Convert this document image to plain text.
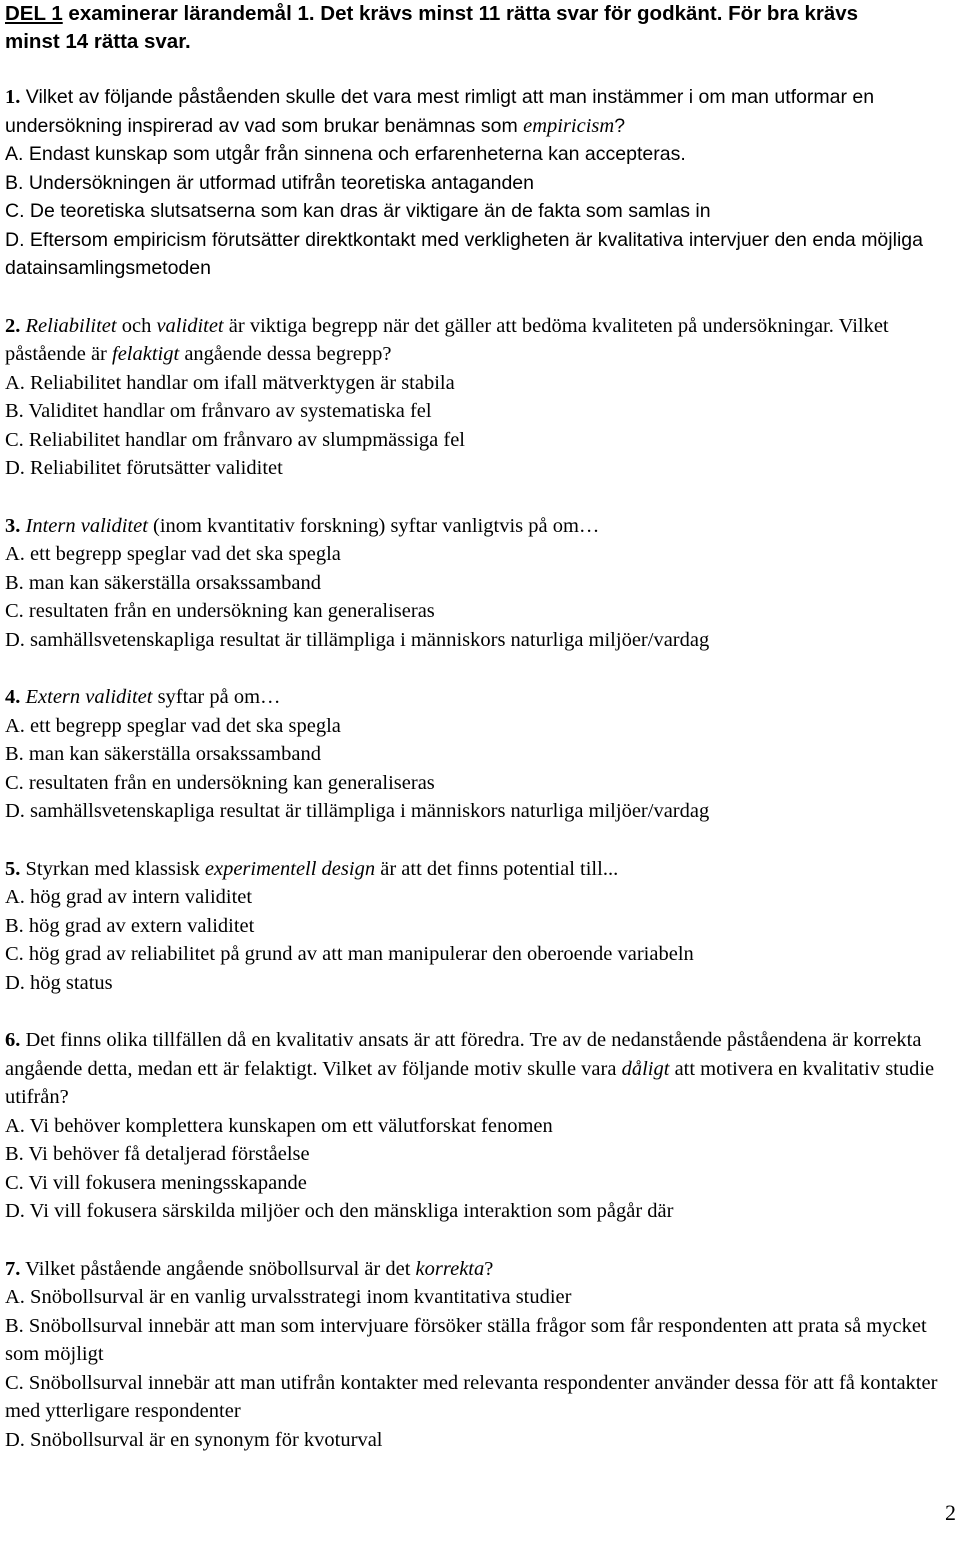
DEL 1 examinerar lärandemål 1. Det krävs minst 11 rätta svar för godkänt. För bra krävs
minst 14 rätta svar.

1. Vilket av följande påståenden skulle det vara mest rimligt att man instämmer i om man utformar en undersökning inspirerad av vad som brukar benämnas som empiricism?

A. Endast kunskap som utgår från sinnena och erfarenheterna kan accepteras.

B. Undersökningen är utformad utifrån teoretiska antaganden

C. De teoretiska slutsatserna som kan dras är viktigare än de fakta som samlas in

D. Eftersom empiricism förutsätter direktkontakt med verkligheten är kvalitativa intervjuer den enda möjliga datainsamlingsmetoden

2. Reliabilitet och validitet är viktiga begrepp när det gäller att bedöma kvaliteten på undersökningar. Vilket påstående är felaktigt angående dessa begrepp?

A. Reliabilitet handlar om ifall mätverktygen är stabila

B. Validitet handlar om frånvaro av systematiska fel

C. Reliabilitet handlar om frånvaro av slumpmässiga fel

D. Reliabilitet förutsätter validitet

3. Intern validitet (inom kvantitativ forskning) syftar vanligtvis på om…

A. ett begrepp speglar vad det ska spegla

B. man kan säkerställa orsakssamband

C. resultaten från en undersökning kan generaliseras

D. samhällsvetenskapliga resultat är tillämpliga i människors naturliga miljöer/vardag

4. Extern validitet syftar på om…

A. ett begrepp speglar vad det ska spegla

B. man kan säkerställa orsakssamband

C. resultaten från en undersökning kan generaliseras

D. samhällsvetenskapliga resultat är tillämpliga i människors naturliga miljöer/vardag

5. Styrkan med klassisk experimentell design är att det finns potential till...

A. hög grad av intern validitet

B. hög grad av extern validitet

C. hög grad av reliabilitet på grund av att man manipulerar den oberoende variabeln

D. hög status

6. Det finns olika tillfällen då en kvalitativ ansats är att föredra. Tre av de nedanstående påståendena är korrekta angående detta, medan ett är felaktigt. Vilket av följande motiv skulle vara dåligt att motivera en kvalitativ studie utifrån?

A. Vi behöver komplettera kunskapen om ett välutforskat fenomen

B. Vi behöver få detaljerad förståelse

C. Vi vill fokusera meningsskapande

D. Vi vill fokusera särskilda miljöer och den mänskliga interaktion som pågår där

7. Vilket påstående angående snöbollsurval är det korrekta?

A. Snöbollsurval är en vanlig urvalsstrategi inom kvantitativa studier

B. Snöbollsurval innebär att man som intervjuare försöker ställa frågor som får respondenten att prata så mycket som möjligt

C. Snöbollsurval innebär att man utifrån kontakter med relevanta respondenter använder dessa för att få kontakter med ytterligare respondenter

D. Snöbollsurval är en synonym för kvoturval

2
